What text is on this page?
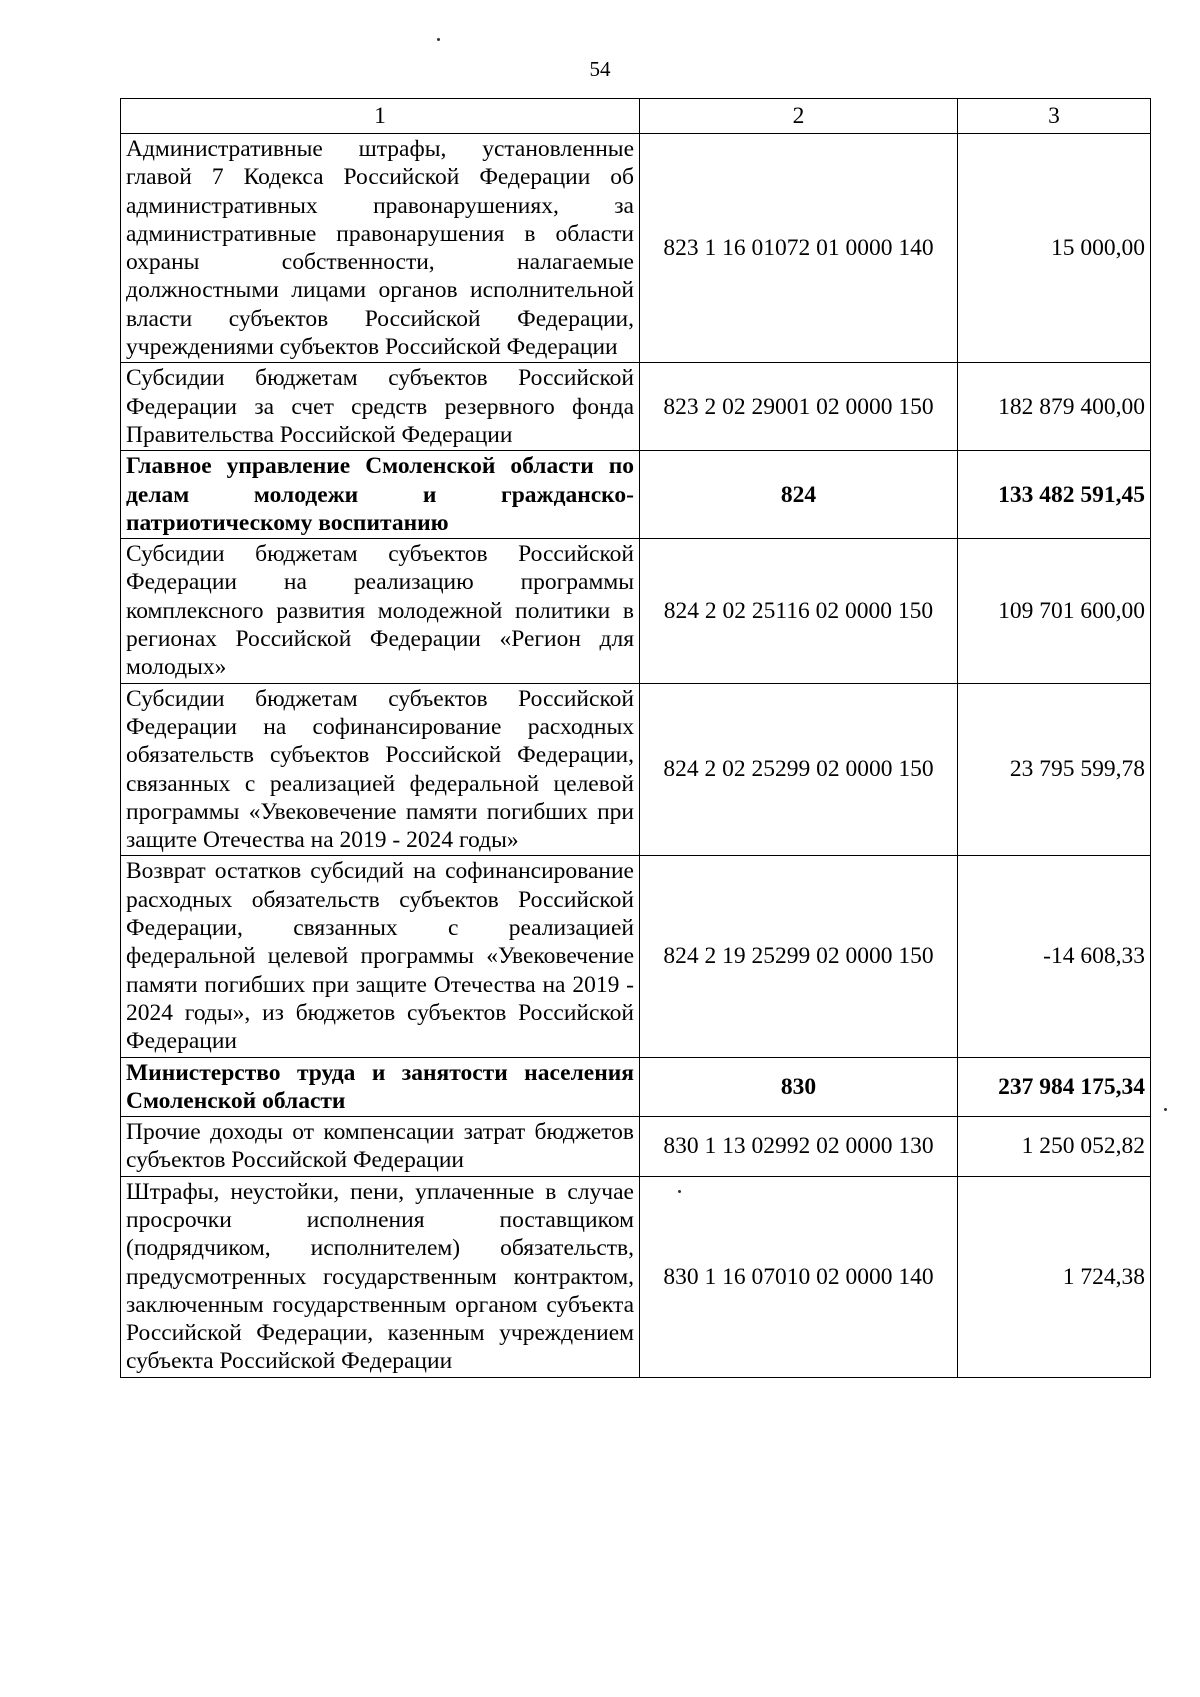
54
1	2	3
Административные штрафы, установленные главой 7 Кодекса Российской Федерации об административных правонарушениях, за административные правонарушения в области охраны собственности, налагаемые должностными лицами органов исполнительной власти субъектов Российской Федерации, учреждениями субъектов Российской Федерации	823 1 16 01072 01 0000 140	15 000,00
Субсидии бюджетам субъектов Российской Федерации за счет средств резервного фонда Правительства Российской Федерации	823 2 02 29001 02 0000 150	182 879 400,00
Главное управление Смоленской области по делам молодежи и гражданско-патриотическому воспитанию	824	133 482 591,45
Субсидии бюджетам субъектов Российской Федерации на реализацию программы комплексного развития молодежной политики в регионах Российской Федерации «Регион для молодых»	824 2 02 25116 02 0000 150	109 701 600,00
Субсидии бюджетам субъектов Российской Федерации на софинансирование расходных обязательств субъектов Российской Федерации, связанных с реализацией федеральной целевой программы «Увековечение памяти погибших при защите Отечества на 2019 - 2024 годы»	824 2 02 25299 02 0000 150	23 795 599,78
Возврат остатков субсидий на софинансирование расходных обязательств субъектов Российской Федерации, связанных с реализацией федеральной целевой программы «Увековечение памяти погибших при защите Отечества на 2019 - 2024 годы», из бюджетов субъектов Российской Федерации	824 2 19 25299 02 0000 150	-14 608,33
Министерство труда и занятости населения Смоленской области	830	237 984 175,34
Прочие доходы от компенсации затрат бюджетов субъектов Российской Федерации	830 1 13 02992 02 0000 130	1 250 052,82
Штрафы, неустойки, пени, уплаченные в случае просрочки исполнения поставщиком (подрядчиком, исполнителем) обязательств, предусмотренных государственным контрактом, заключенным государственным органом субъекта Российской Федерации, казенным учреждением субъекта Российской Федерации	830 1 16 07010 02 0000 140	1 724,38
